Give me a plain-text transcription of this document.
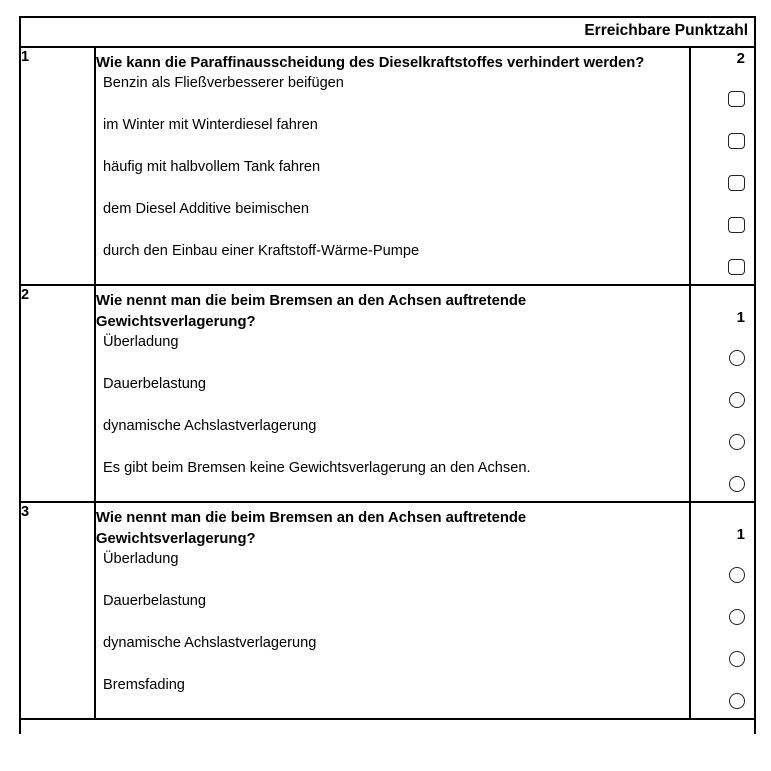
Erreichbare Punktzahl		
1	Wie kann die Paraffinausscheidung des Dieselkraftstoffes verhindert werden?
Benzin als Fließverbesserer beifügen
im Winter mit Winterdiesel fahren
häufig mit halbvollem Tank fahren
dem Diesel Additive beimischen
durch den Einbau einer Kraftstoff-Wärme-Pumpe

2

2	Wie nennt man die beim Bremsen an den Achsen auftretende Gewichtsverlagerung?
Überladung
Dauerbelastung
dynamische Achslastverlagerung
Es gibt beim Bremsen keine Gewichtsverlagerung an den Achsen.

1

3	Wie nennt man die beim Bremsen an den Achsen auftretende Gewichtsverlagerung?
Überladung
Dauerbelastung
dynamische Achslastverlagerung
Bremsfading

1
